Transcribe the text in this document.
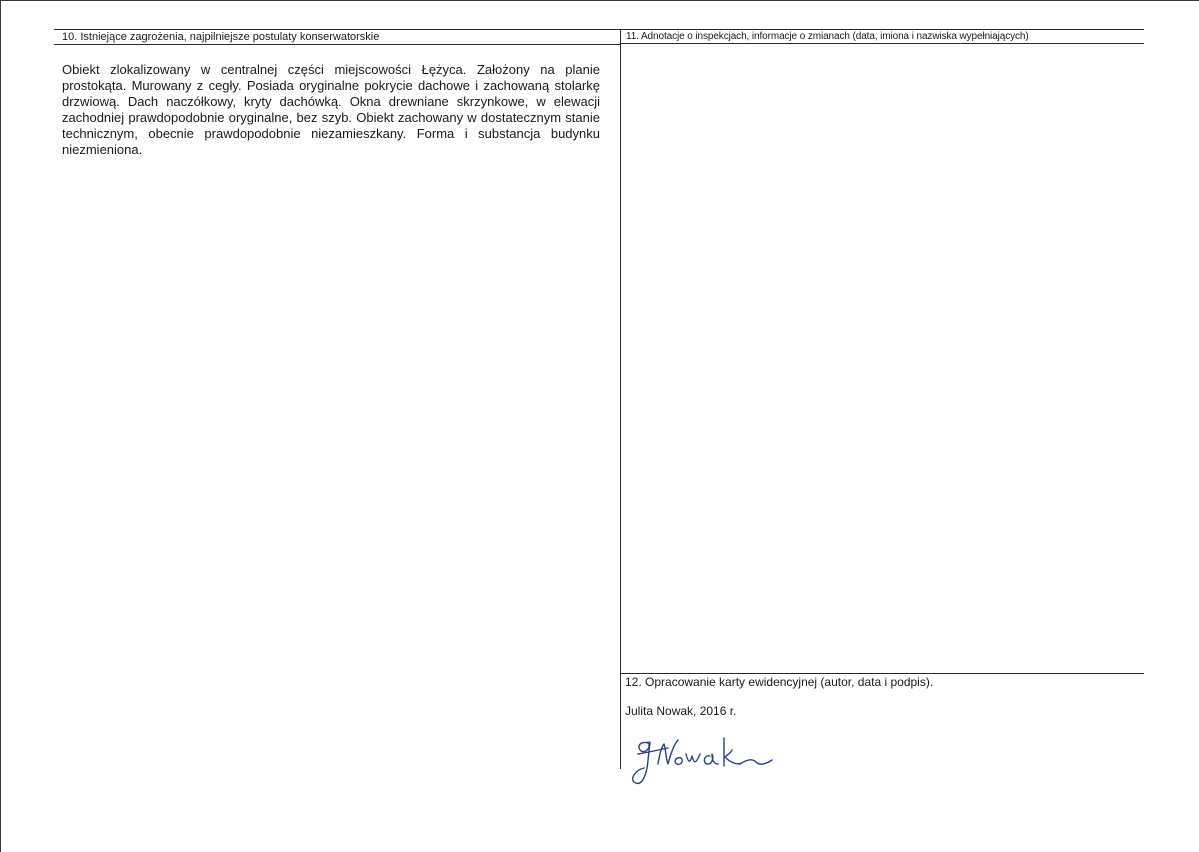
10. Istniejące zagrożenia, najpilniejsze postulaty konserwatorskie

Obiekt zlokalizowany w centralnej części miejscowości Łężyca. Założony na planie prostokąta. Murowany z cegły. Posiada oryginalne pokrycie dachowe i zachowaną stolarkę drzwiową. Dach naczółkowy, kryty dachówką. Okna drewniane skrzynkowe, w elewacji zachodniej prawdopodobnie oryginalne, bez szyb. Obiekt zachowany w dostatecznym stanie technicznym, obecnie prawdopodobnie niezamieszkany. Forma i substancja budynku niezmieniona.

11. Adnotacje o inspekcjach, informacje o zmianach (data, imiona i nazwiska wypełniających)
12. Opracowanie karty ewidencyjnej (autor, data i podpis).
Julita Nowak, 2016 r.
